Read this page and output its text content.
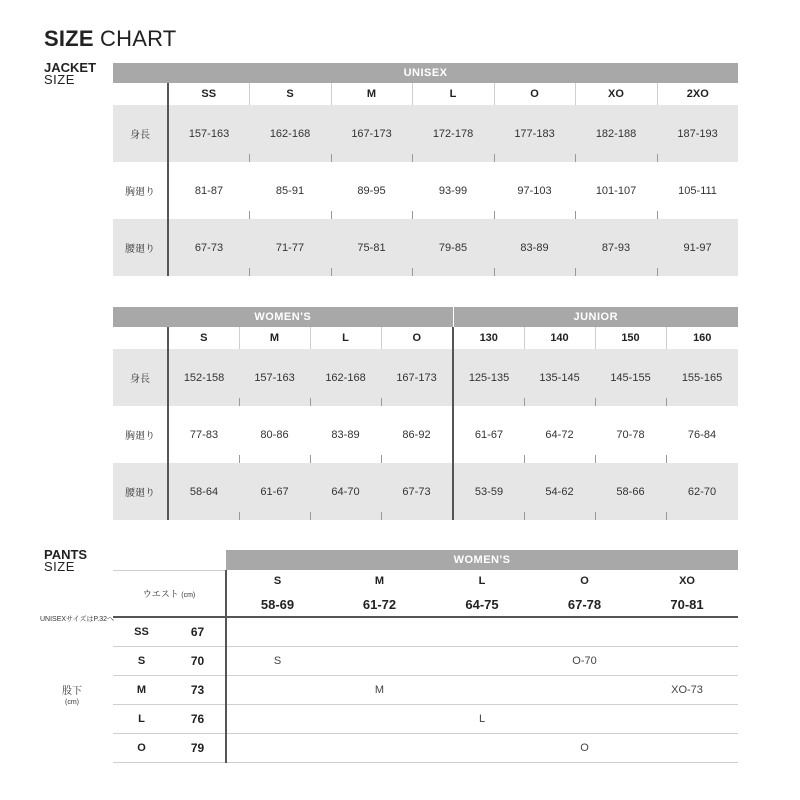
SIZE CHART
JACKET
SIZE	UNISEX							
	SS	S	M	L	O	XO	2XO
身長	157-163	162-168	167-173	172-178	177-183	182-188	187-193
胸廻り	81-87	85-91	89-95	93-99	97-103	101-107	105-111
腰廻り	67-73	71-77	75-81	79-85	83-89	87-93	91-97
WOMEN'S					JUNIOR			
	S	M	L	O	130	140	150	160
身長	152-158	157-163	162-168	167-173	125-135	135-145	145-155	155-165
胸廻り	77-83	80-86	83-89	86-92	61-67	64-72	70-78	76-84
腰廻り	58-64	61-67	64-70	67-73	53-59	54-62	58-66	62-70
PANTS
SIZE
UNISEXサイズはP.32へ
股下
(cm)
		WOMEN'S				
ウエスト (cm)		S	M	L	O	XO
		58-69	61-72	64-75	67-78	70-81
SS	67					
S	70	S			O-70	
M	73		M			XO-73
L	76			L		
O	79				O	
